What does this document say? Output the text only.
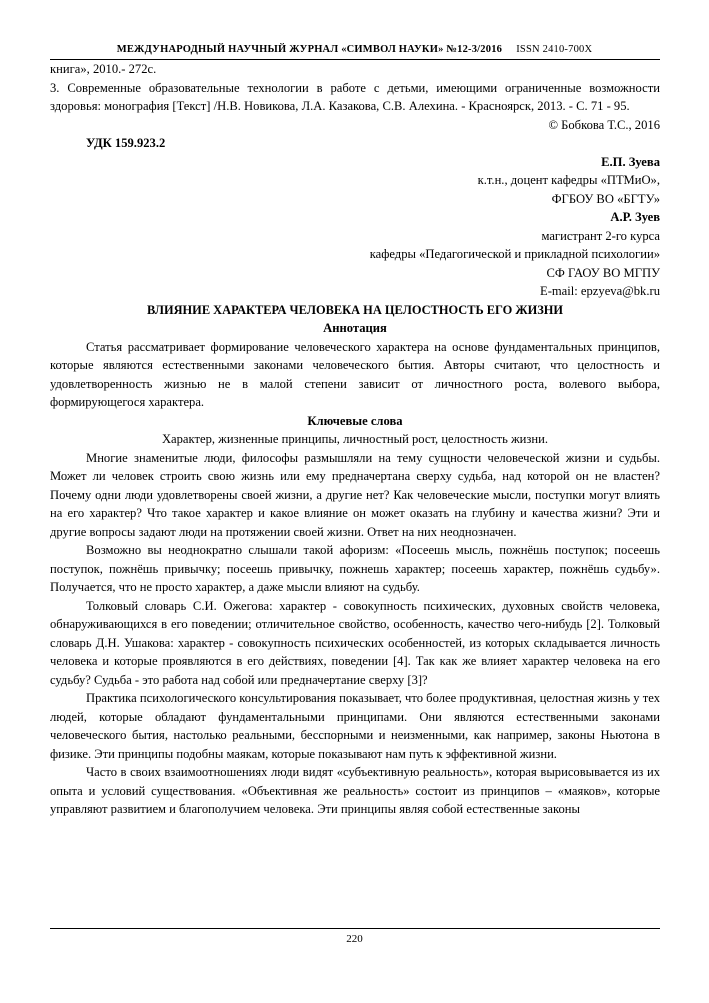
МЕЖДУНАРОДНЫЙ НАУЧНЫЙ ЖУРНАЛ «СИМВОЛ НАУКИ» №12-3/2016 ISSN 2410-700X

книга», 2010.- 272с.

3. Современные образовательные технологии в работе с детьми, имеющими ограниченные возможности здоровья: монография [Текст] /Н.В. Новикова, Л.А. Казакова, С.В. Алехина. - Красноярск, 2013. - С. 71 - 95.

© Бобкова Т.С., 2016

УДК 159.923.2

Е.П. Зуева

к.т.н., доцент кафедры «ПТМиО»,

ФГБОУ ВО «БГТУ»

А.Р. Зуев

магистрант 2-го курса

кафедры «Педагогической и прикладной психологии»

СФ ГАОУ ВО МГПУ

E-mail: epzyeva@bk.ru

ВЛИЯНИЕ ХАРАКТЕРА ЧЕЛОВЕКА НА ЦЕЛОСТНОСТЬ ЕГО ЖИЗНИ

Аннотация

Статья рассматривает формирование человеческого характера на основе фундаментальных принципов, которые являются естественными законами человеческого бытия. Авторы считают, что целостность и удовлетворенность жизнью не в малой степени зависит от личностного роста, волевого выбора, формирующегося характера.

Ключевые слова

Характер, жизненные принципы, личностный рост, целостность жизни.

Многие знаменитые люди, философы размышляли на тему сущности человеческой жизни и судьбы. Может ли человек строить свою жизнь или ему предначертана сверху судьба, над которой он не властен? Почему одни люди удовлетворены своей жизни, а другие нет? Как человеческие мысли, поступки могут влиять на его характер? Что такое характер и какое влияние он может оказать на глубину и качества жизни? Эти и другие вопросы задают люди на протяжении своей жизни. Ответ на них неоднозначен.

Возможно вы неоднократно слышали такой афоризм: «Посеешь мысль, пожнёшь поступок; посеешь поступок, пожнёшь привычку; посеешь привычку, пожнешь характер; посеешь характер, пожнёшь судьбу». Получается, что не просто характер, а даже мысли влияют на судьбу.

Толковый словарь С.И. Ожегова: характер - совокупность психических, духовных свойств человека, обнаруживающихся в его поведении; отличительное свойство, особенность, качество чего-нибудь [2]. Толковый словарь Д.Н. Ушакова: характер - совокупность психических особенностей, из которых складывается личность человека и которые проявляются в его действиях, поведении [4]. Так как же влияет характер человека на его судьбу? Судьба - это работа над собой или предначертание сверху [3]?

Практика психологического консультирования показывает, что более продуктивная, целостная жизнь у тех людей, которые обладают фундаментальными принципами. Они являются естественными законами человеческого бытия, настолько реальными, бесспорными и неизменными, как например, законы Ньютона в физике. Эти принципы подобны маякам, которые показывают нам путь к эффективной жизни.

Часто в своих взаимоотношениях люди видят «субъективную реальность», которая вырисовывается из их опыта и условий существования. «Объективная же реальность» состоит из принципов – «маяков», которые управляют развитием и благополучием человека. Эти принципы являя собой естественные законы

220
